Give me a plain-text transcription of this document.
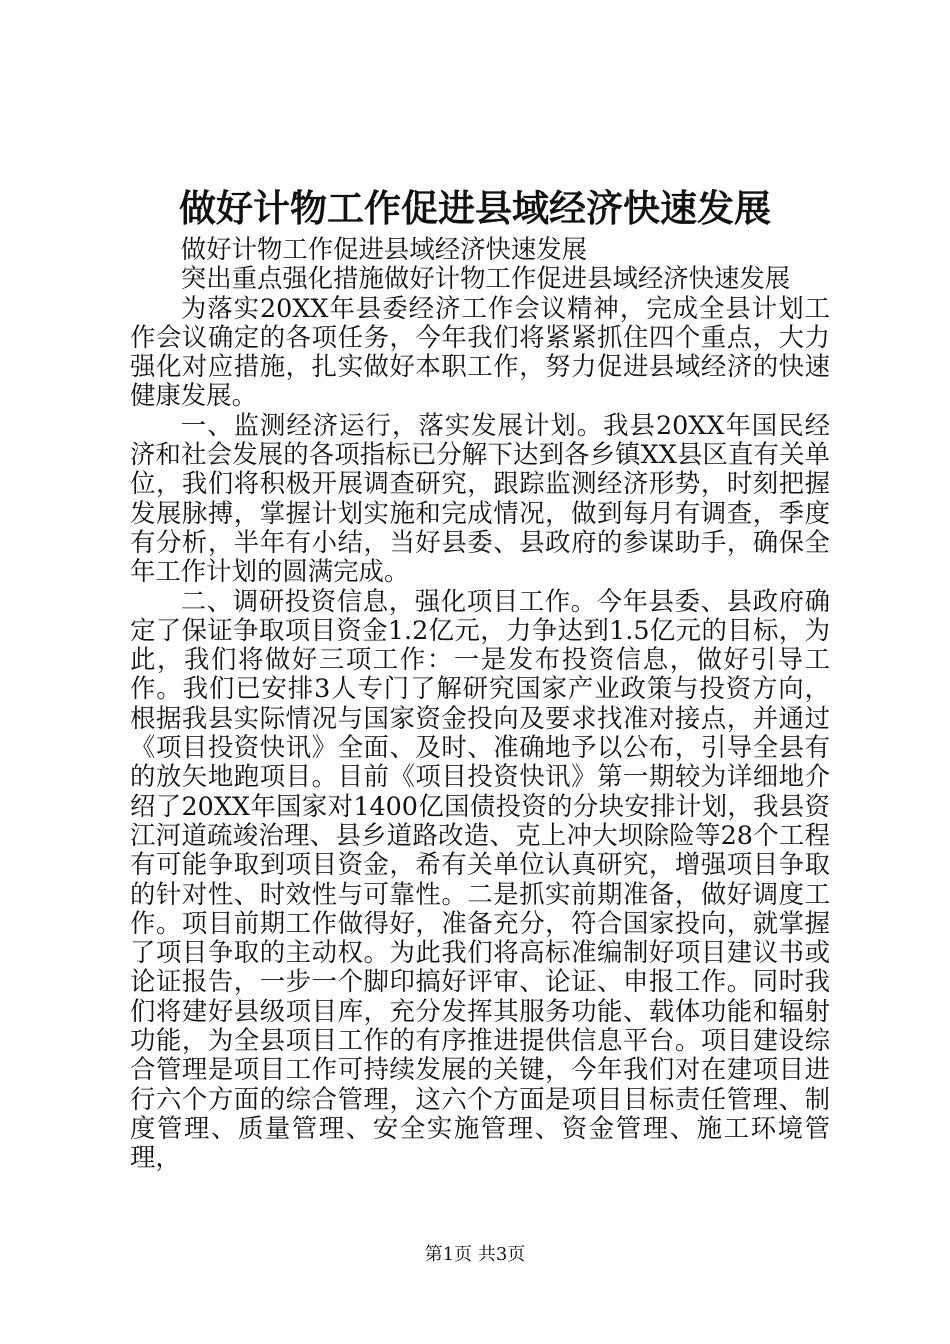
做好计物工作促进县域经济快速发展

做好计物工作促进县域经济快速发展

突出重点强化措施做好计物工作促进县域经济快速发展

为落实20XX年县委经济工作会议精神，完成全县计划工作会议确定的各项任务，今年我们将紧紧抓住四个重点，大力强化对应措施，扎实做好本职工作，努力促进县域经济的快速健康发展。

一、监测经济运行，落实发展计划。我县20XX年国民经济和社会发展的各项指标已分解下达到各乡镇XX县区直有关单位，我们将积极开展调查研究，跟踪监测经济形势，时刻把握发展脉搏，掌握计划实施和完成情况，做到每月有调查，季度有分析，半年有小结，当好县委、县政府的参谋助手，确保全年工作计划的圆满完成。

二、调研投资信息，强化项目工作。今年县委、县政府确定了保证争取项目资金1.2亿元，力争达到1.5亿元的目标，为此，我们将做好三项工作：一是发布投资信息，做好引导工作。我们已安排3人专门了解研究国家产业政策与投资方向，根据我县实际情况与国家资金投向及要求找准对接点，并通过《项目投资快讯》全面、及时、准确地予以公布，引导全县有的放矢地跑项目。目前《项目投资快讯》第一期较为详细地介绍了20XX年国家对1400亿国债投资的分块安排计划，我县资江河道疏竣治理、县乡道路改造、克上冲大坝除险等28个工程有可能争取到项目资金，希有关单位认真研究，增强项目争取的针对性、时效性与可靠性。二是抓实前期准备，做好调度工作。项目前期工作做得好，准备充分，符合国家投向，就掌握了项目争取的主动权。为此我们将高标准编制好项目建议书或论证报告，一步一个脚印搞好评审、论证、申报工作。同时我们将建好县级项目库，充分发挥其服务功能、载体功能和辐射功能，为全县项目工作的有序推进提供信息平台。项目建设综合管理是项目工作可持续发展的关键，今年我们对在建项目进行六个方面的综合管理，这六个方面是项目目标责任管理、制度管理、质量管理、安全实施管理、资金管理、施工环境管理，

第1页 共3页
